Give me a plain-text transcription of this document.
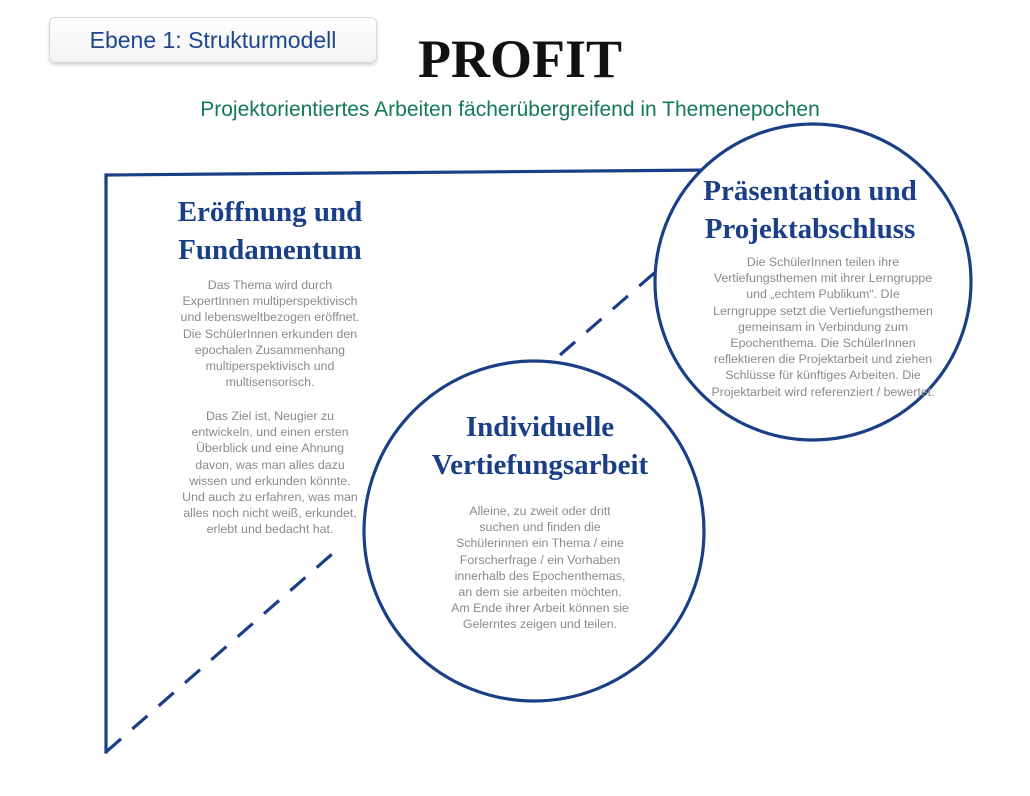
Ebene 1: Strukturmodell	PROFIT
Projektorientiertes Arbeiten fächerübergreifend in Themenepochen
Eröffnung und
Fundamentum
Das Thema wird durch
ExpertInnen multiperspektivisch
und lebensweltbezogen eröffnet.
Die SchülerInnen erkunden den
epochalen Zusammenhang
multiperspektivisch und
multisensorisch.
Das Ziel ist, Neugier zu
entwickeln, und einen ersten
Überblick und eine Ahnung
davon, was man alles dazu
wissen und erkunden könnte.
Und auch zu erfahren, was man
alles noch nicht weiß, erkundet,
erlebt und bedacht hat.
Individuelle
Vertiefungsarbeit
Alleine, zu zweit oder dritt
suchen und finden die
Schülerinnen ein Thema / eine
Forscherfrage / ein Vorhaben
innerhalb des Epochenthemas,
an dem sie arbeiten möchten.
Am Ende ihrer Arbeit können sie
Gelerntes zeigen und teilen.
Präsentation und
Projektabschluss
Die SchülerInnen teilen ihre
Vertiefungsthemen mit ihrer Lerngruppe
und „echtem Publikum“. DIe
Lerngruppe setzt die Vertiefungsthemen
gemeinsam in Verbindung zum
Epochenthema. Die SchülerInnen
reflektieren die Projektarbeit und ziehen
Schlüsse für künftiges Arbeiten. Die
Projektarbeit wird referenziert / bewertet.
